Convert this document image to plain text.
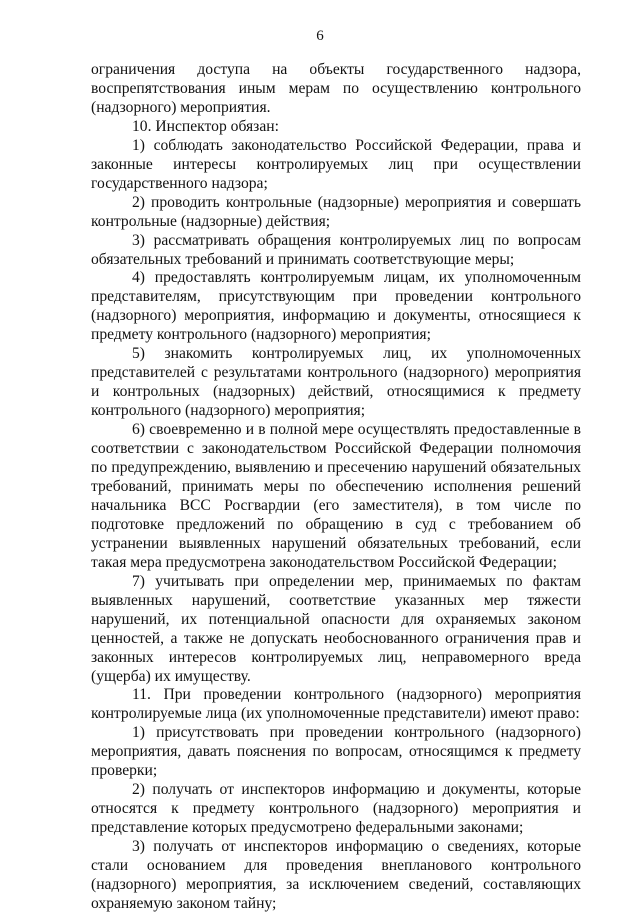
6

ограничения доступа на объекты государственного надзора, воспрепятствования иным мерам по осуществлению контрольного (надзорного) мероприятия.

10. Инспектор обязан:

1) соблюдать законодательство Российской Федерации, права и законные интересы контролируемых лиц при осуществлении государственного надзора;

2) проводить контрольные (надзорные) мероприятия и совершать контрольные (надзорные) действия;

3) рассматривать обращения контролируемых лиц по вопросам обязательных требований и принимать соответствующие меры;

4) предоставлять контролируемым лицам, их уполномоченным представителям, присутствующим при проведении контрольного (надзорного) мероприятия, информацию и документы, относящиеся к предмету контрольного (надзорного) мероприятия;

5) знакомить контролируемых лиц, их уполномоченных представителей с результатами контрольного (надзорного) мероприятия и контрольных (надзорных) действий, относящимися к предмету контрольного (надзорного) мероприятия;

6) своевременно и в полной мере осуществлять предоставленные в соответствии с законодательством Российской Федерации полномочия по предупреждению, выявлению и пресечению нарушений обязательных требований, принимать меры по обеспечению исполнения решений начальника ВСС Росгвардии (его заместителя), в том числе по подготовке предложений по обращению в суд с требованием об устранении выявленных нарушений обязательных требований, если такая мера предусмотрена законодательством Российской Федерации;

7) учитывать при определении мер, принимаемых по фактам выявленных нарушений, соответствие указанных мер тяжести нарушений, их потенциальной опасности для охраняемых законом ценностей, а также не допускать необоснованного ограничения прав и законных интересов контролируемых лиц, неправомерного вреда (ущерба) их имуществу.

11. При проведении контрольного (надзорного) мероприятия контролируемые лица (их уполномоченные представители) имеют право:

1) присутствовать при проведении контрольного (надзорного) мероприятия, давать пояснения по вопросам, относящимся к предмету проверки;

2) получать от инспекторов информацию и документы, которые относятся к предмету контрольного (надзорного) мероприятия и представление которых предусмотрено федеральными законами;

3) получать от инспекторов информацию о сведениях, которые стали основанием для проведения внепланового контрольного (надзорного) мероприятия, за исключением сведений, составляющих охраняемую законом тайну;
